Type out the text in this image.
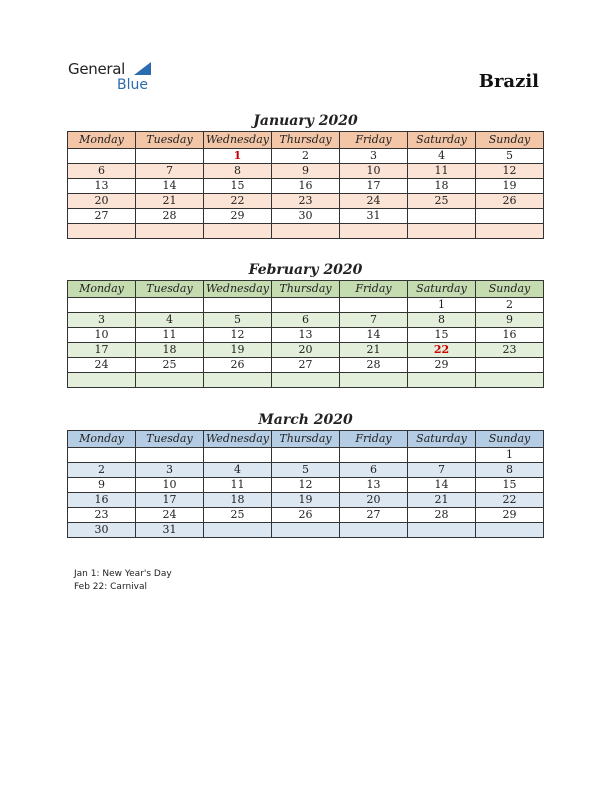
General
Blue	Brazil
January 2020
Monday	Tuesday	Wednesday	Thursday	Friday	Saturday	Sunday
		1	2	3	4	5
6	7	8	9	10	11	12
13	14	15	16	17	18	19
20	21	22	23	24	25	26
27	28	29	30	31		

February 2020
Monday	Tuesday	Wednesday	Thursday	Friday	Saturday	Sunday
					1	2
3	4	5	6	7	8	9
10	11	12	13	14	15	16
17	18	19	20	21	22	23
24	25	26	27	28	29	

March 2020
Monday	Tuesday	Wednesday	Thursday	Friday	Saturday	Sunday
						1
2	3	4	5	6	7	8
9	10	11	12	13	14	15
16	17	18	19	20	21	22
23	24	25	26	27	28	29
30	31					
Jan 1: New Year's Day
Feb 22: Carnival
